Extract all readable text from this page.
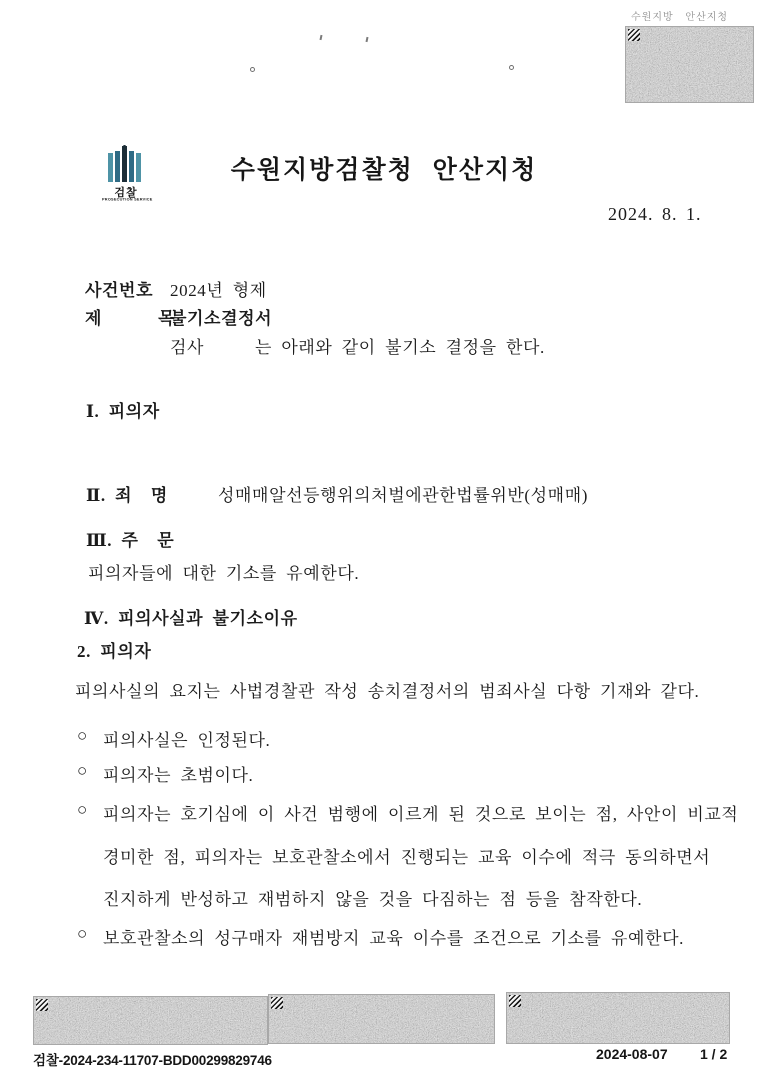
수원지방 안산지청
검찰
PROSECUTION SERVICE
수원지방검찰청 안산지청
2024. 8. 1.
사건번호 2024년 형제
제      목
불기소결정서
검사	는 아래와 같이 불기소 결정을 한다.
Ⅰ. 피의자
Ⅱ. 죄  명	성매매알선등행위의처벌에관한법률위반(성매매)
Ⅲ. 주  문
피의자들에 대한 기소를 유예한다.
Ⅳ. 피의사실과 불기소이유
2. 피의자
피의사실의 요지는 사법경찰관 작성 송치결정서의 범죄사실 다항 기재와 같다.
○ 피의사실은 인정된다.
○ 피의자는 초범이다.
○ 피의자는 호기심에 이 사건 범행에 이르게 된 것으로 보이는 점, 사안이 비교적
경미한 점, 피의자는 보호관찰소에서 진행되는 교육 이수에 적극 동의하면서
진지하게 반성하고 재범하지 않을 것을 다짐하는 점 등을 참작한다.
○ 보호관찰소의 성구매자 재범방지 교육 이수를 조건으로 기소를 유예한다.
검찰-2024-234-11707-BDD00299829746	2024-08-07 1 / 2
